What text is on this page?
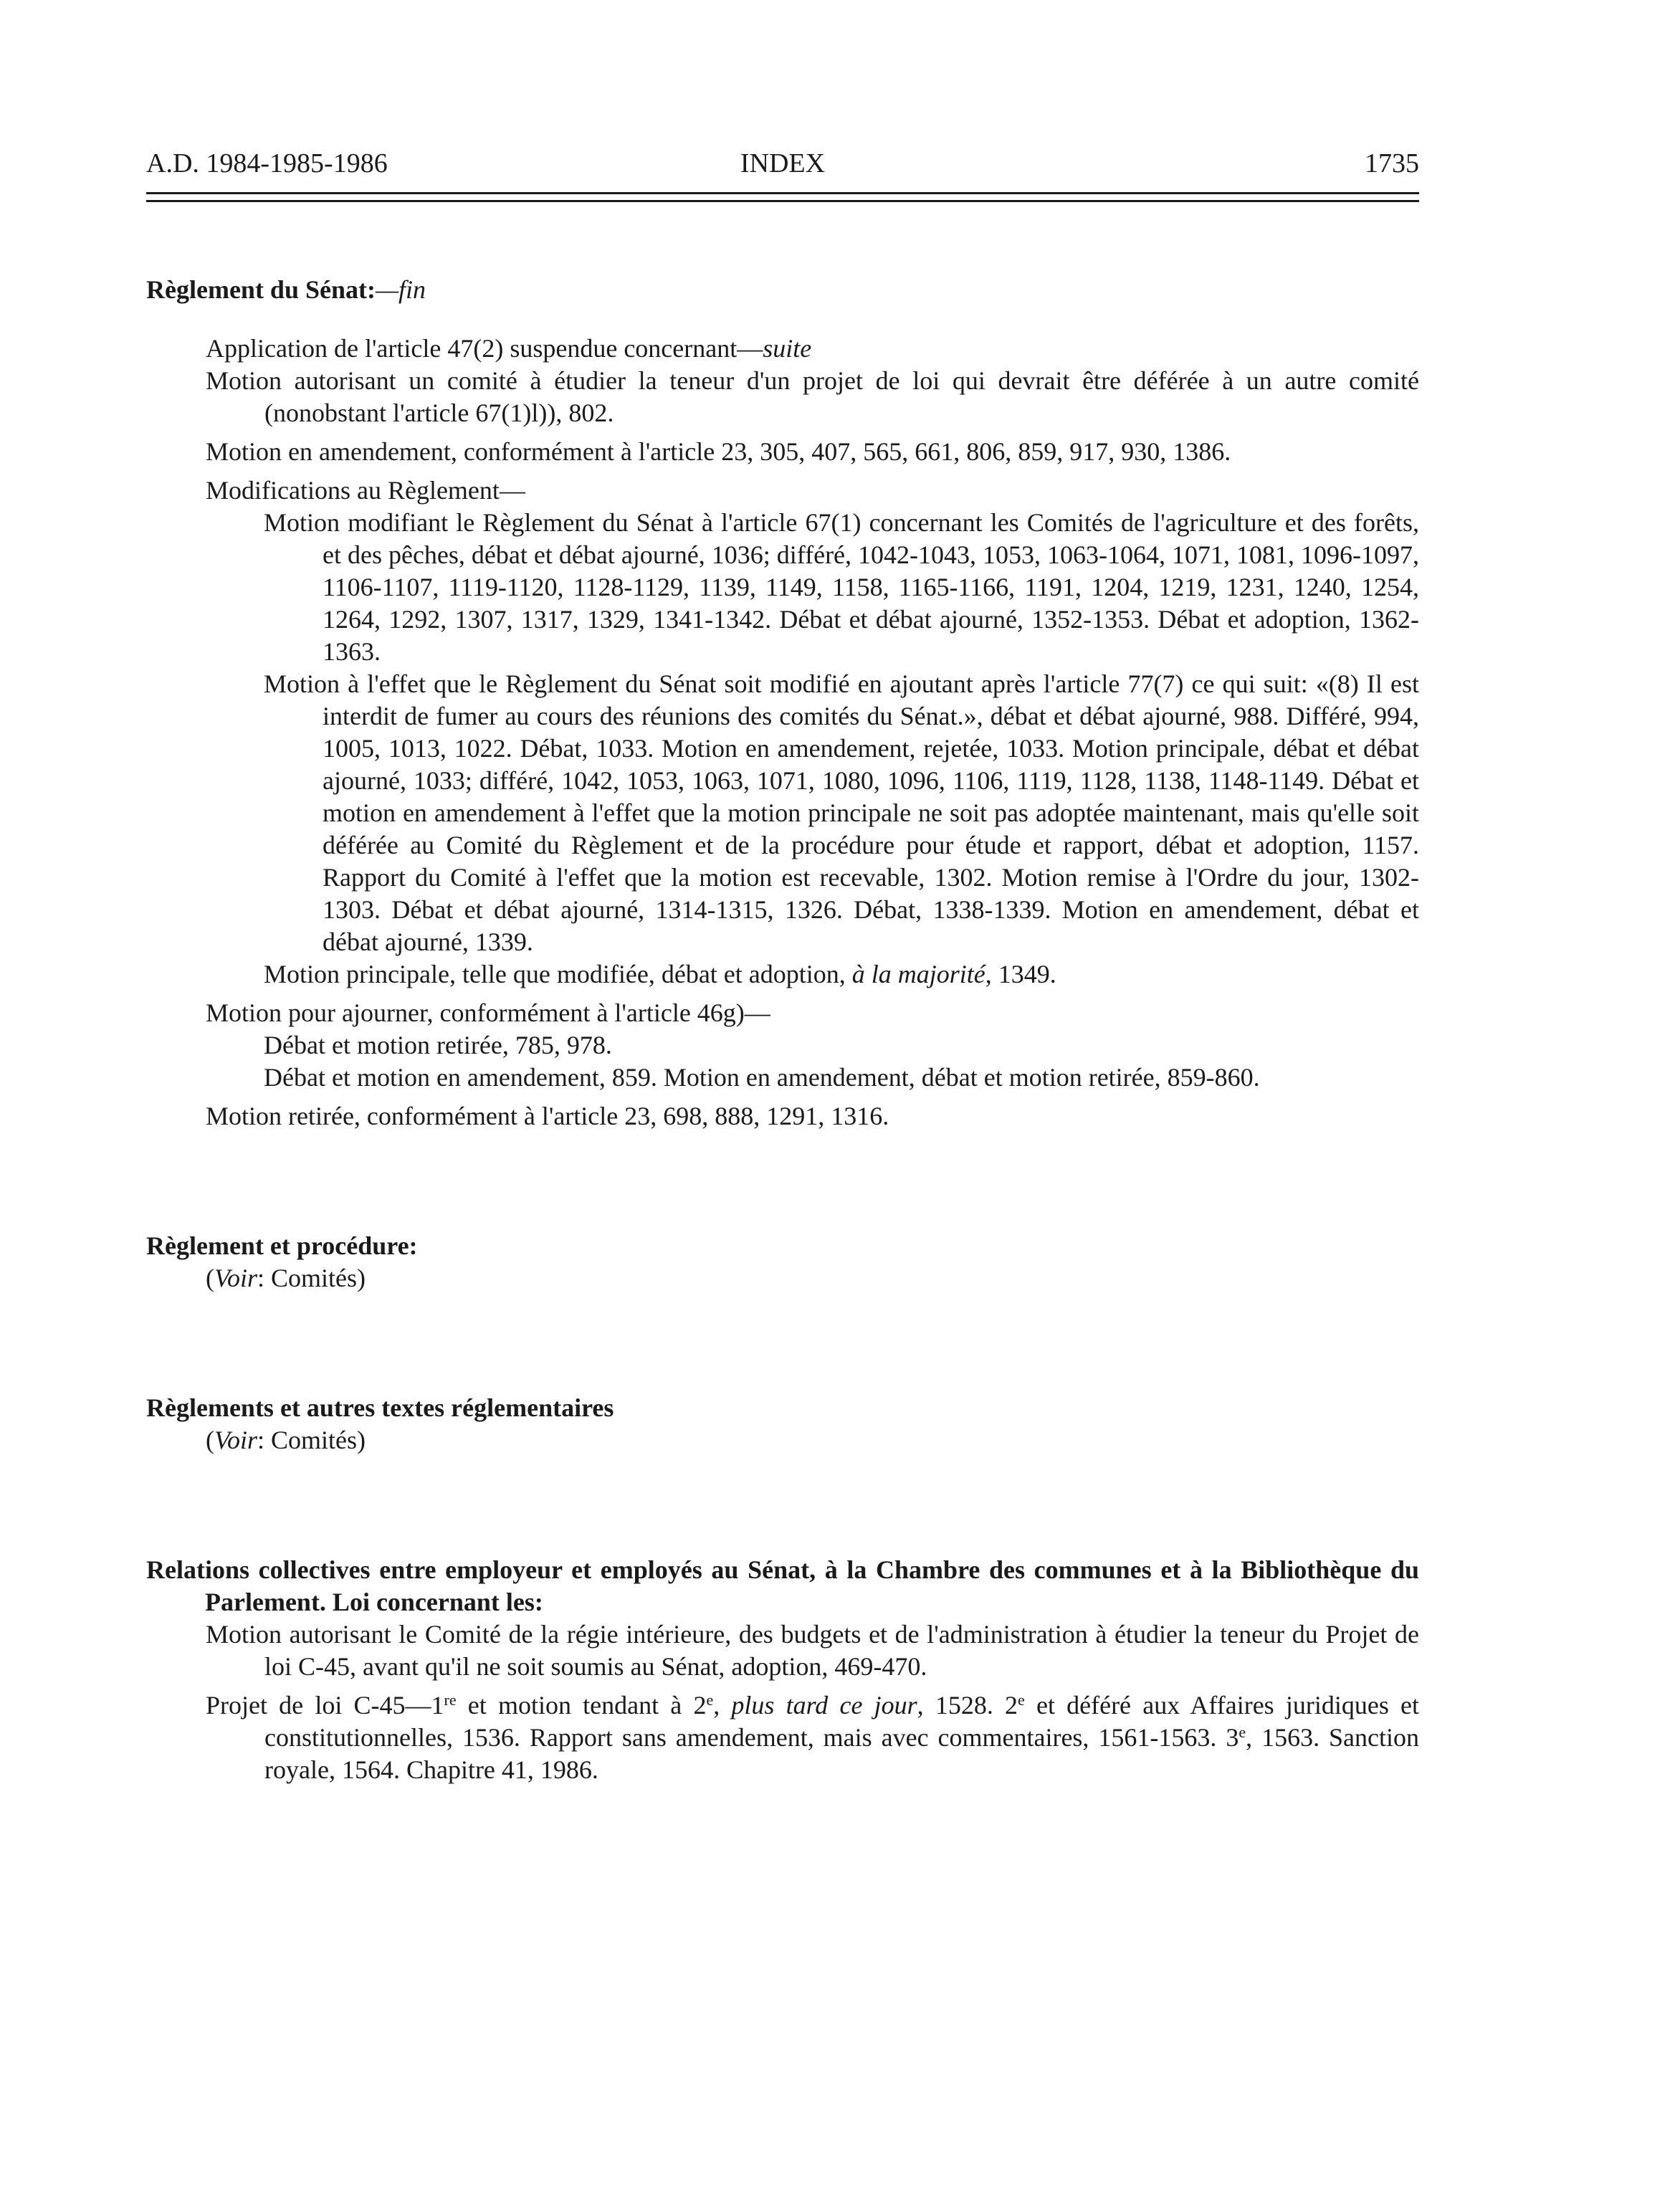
A.D. 1984-1985-1986	INDEX	1735

Règlement du Sénat:—fin

Application de l'article 47(2) suspendue concernant—suite

Motion autorisant un comité à étudier la teneur d'un projet de loi qui devrait être déférée à un autre comité (nonobstant l'article 67(1)l)), 802.

Motion en amendement, conformément à l'article 23, 305, 407, 565, 661, 806, 859, 917, 930, 1386.

Modifications au Règlement—

Motion modifiant le Règlement du Sénat à l'article 67(1) concernant les Comités de l'agriculture et des forêts, et des pêches, débat et débat ajourné, 1036; différé, 1042-1043, 1053, 1063-1064, 1071, 1081, 1096-1097, 1106-1107, 1119-1120, 1128-1129, 1139, 1149, 1158, 1165-1166, 1191, 1204, 1219, 1231, 1240, 1254, 1264, 1292, 1307, 1317, 1329, 1341-1342. Débat et débat ajourné, 1352-1353. Débat et adoption, 1362-1363.

Motion à l'effet que le Règlement du Sénat soit modifié en ajoutant après l'article 77(7) ce qui suit: «(8) Il est interdit de fumer au cours des réunions des comités du Sénat.», débat et débat ajourné, 988. Différé, 994, 1005, 1013, 1022. Débat, 1033. Motion en amendement, rejetée, 1033. Motion principale, débat et débat ajourné, 1033; différé, 1042, 1053, 1063, 1071, 1080, 1096, 1106, 1119, 1128, 1138, 1148-1149. Débat et motion en amendement à l'effet que la motion principale ne soit pas adoptée maintenant, mais qu'elle soit déférée au Comité du Règlement et de la procédure pour étude et rapport, débat et adoption, 1157. Rapport du Comité à l'effet que la motion est recevable, 1302. Motion remise à l'Ordre du jour, 1302-1303. Débat et débat ajourné, 1314-1315, 1326. Débat, 1338-1339. Motion en amendement, débat et débat ajourné, 1339.

Motion principale, telle que modifiée, débat et adoption, à la majorité, 1349.

Motion pour ajourner, conformément à l'article 46g)—

Débat et motion retirée, 785, 978.

Débat et motion en amendement, 859. Motion en amendement, débat et motion retirée, 859-860.

Motion retirée, conformément à l'article 23, 698, 888, 1291, 1316.

Règlement et procédure:

(Voir: Comités)

Règlements et autres textes réglementaires

(Voir: Comités)

Relations collectives entre employeur et employés au Sénat, à la Chambre des communes et à la Bibliothèque du Parlement. Loi concernant les:

Motion autorisant le Comité de la régie intérieure, des budgets et de l'administration à étudier la teneur du Projet de loi C-45, avant qu'il ne soit soumis au Sénat, adoption, 469-470.

Projet de loi C-45—1re et motion tendant à 2e, plus tard ce jour, 1528. 2e et déféré aux Affaires juridiques et constitutionnelles, 1536. Rapport sans amendement, mais avec commentaires, 1561-1563. 3e, 1563. Sanction royale, 1564. Chapitre 41, 1986.
